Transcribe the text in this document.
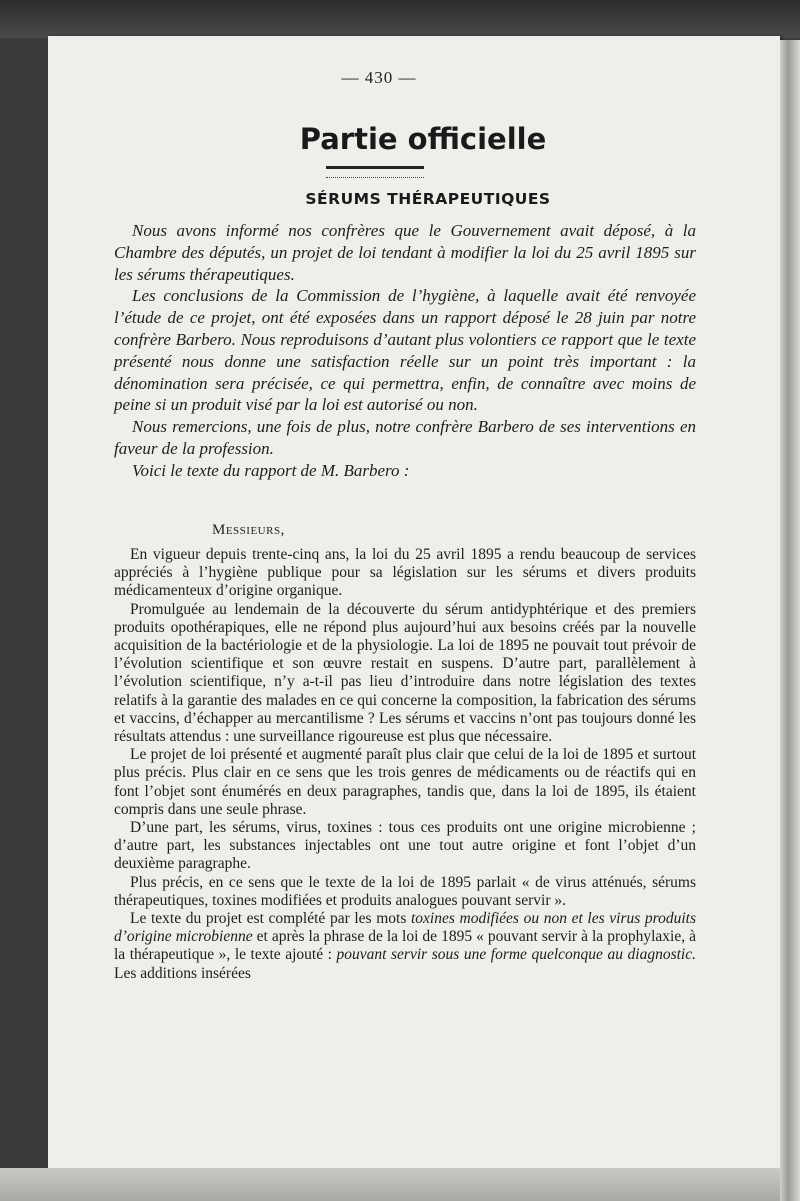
— 430 —
Partie officielle
SÉRUMS THÉRAPEUTIQUES

Nous avons informé nos confrères que le Gouvernement avait déposé, à la Chambre des députés, un projet de loi tendant à modifier la loi du 25 avril 1895 sur les sérums thérapeutiques.

Les conclusions de la Commission de l’hygiène, à laquelle avait été renvoyée l’étude de ce projet, ont été exposées dans un rapport déposé le 28 juin par notre confrère Barbero. Nous reproduisons d’autant plus volontiers ce rapport que le texte présenté nous donne une satisfaction réelle sur un point très important : la dénomination sera précisée, ce qui permettra, enfin, de connaître avec moins de peine si un produit visé par la loi est autorisé ou non.

Nous remercions, une fois de plus, notre confrère Barbero de ses interventions en faveur de la profession.

Voici le texte du rapport de M. Barbero :

Messieurs,

En vigueur depuis trente-cinq ans, la loi du 25 avril 1895 a rendu beaucoup de services appréciés à l’hygiène publique pour sa législation sur les sérums et divers produits médicamenteux d’origine organique.

Promulguée au lendemain de la découverte du sérum antidyphtérique et des premiers produits opothérapiques, elle ne répond plus aujourd’hui aux besoins créés par la nouvelle acquisition de la bactériologie et de la physiologie. La loi de 1895 ne pouvait tout prévoir de l’évolution scientifique et son œuvre restait en suspens. D’autre part, parallèlement à l’évolution scientifique, n’y a-t-il pas lieu d’introduire dans notre législation des textes relatifs à la garantie des malades en ce qui concerne la composition, la fabrication des sérums et vaccins, d’échapper au mercantilisme ? Les sérums et vaccins n’ont pas toujours donné les résultats attendus : une surveillance rigoureuse est plus que nécessaire.

Le projet de loi présenté et augmenté paraît plus clair que celui de la loi de 1895 et surtout plus précis. Plus clair en ce sens que les trois genres de médicaments ou de réactifs qui en font l’objet sont énumérés en deux paragraphes, tandis que, dans la loi de 1895, ils étaient compris dans une seule phrase.

D’une part, les sérums, virus, toxines : tous ces produits ont une origine microbienne ; d’autre part, les substances injectables ont une tout autre origine et font l’objet d’un deuxième paragraphe.

Plus précis, en ce sens que le texte de la loi de 1895 parlait « de virus atténués, sérums thérapeutiques, toxines modifiées et produits analogues pouvant servir ».

Le texte du projet est complété par les mots toxines modifiées ou non et les virus produits d’origine microbienne et après la phrase de la loi de 1895 « pouvant servir à la prophylaxie, à la thérapeutique », le texte ajouté : pouvant servir sous une forme quelconque au diagnostic. Les additions insérées
